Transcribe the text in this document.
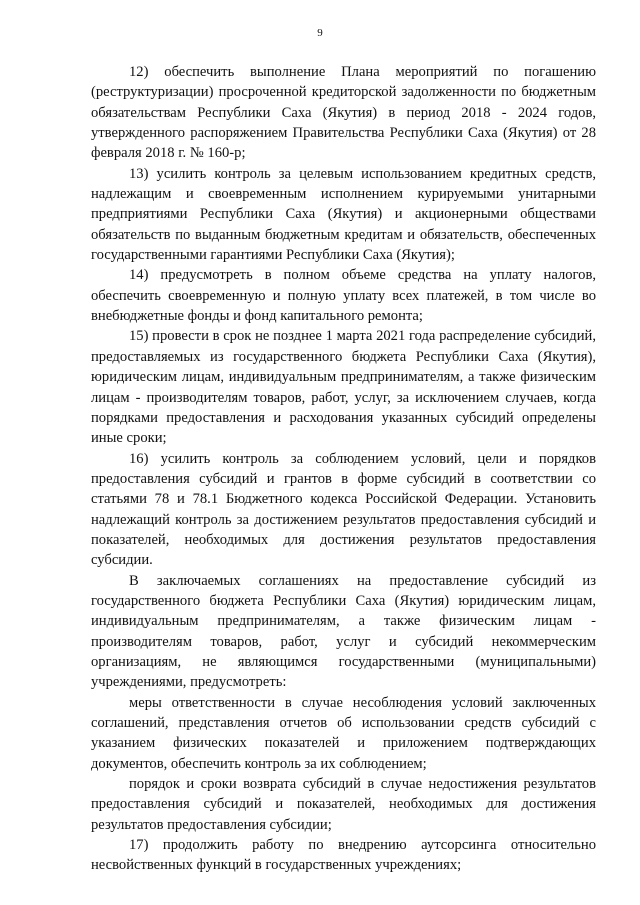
9

12) обеспечить выполнение Плана мероприятий по погашению (реструктуризации) просроченной кредиторской задолженности по бюджетным обязательствам Республики Саха (Якутия) в период 2018 - 2024 годов, утвержденного распоряжением Правительства Республики Саха (Якутия) от 28 февраля 2018 г. № 160-р;

13) усилить контроль за целевым использованием кредитных средств, надлежащим и своевременным исполнением курируемыми унитарными предприятиями Республики Саха (Якутия) и акционерными обществами обязательств по выданным бюджетным кредитам и обязательств, обеспеченных государственными гарантиями Республики Саха (Якутия);

14) предусмотреть в полном объеме средства на уплату налогов, обеспечить своевременную и полную уплату всех платежей, в том числе во внебюджетные фонды и фонд капитального ремонта;

15) провести в срок не позднее 1 марта 2021 года распределение субсидий, предоставляемых из государственного бюджета Республики Саха (Якутия), юридическим лицам, индивидуальным предпринимателям, а также физическим лицам - производителям товаров, работ, услуг, за исключением случаев, когда порядками предоставления и расходования указанных субсидий определены иные сроки;

16) усилить контроль за соблюдением условий, цели и порядков предоставления субсидий и грантов в форме субсидий в соответствии со статьями 78 и 78.1 Бюджетного кодекса Российской Федерации. Установить надлежащий контроль за достижением результатов предоставления субсидий и показателей, необходимых для достижения результатов предоставления субсидии.

В заключаемых соглашениях на предоставление субсидий из государственного бюджета Республики Саха (Якутия) юридическим лицам, индивидуальным предпринимателям, а также физическим лицам - производителям товаров, работ, услуг и субсидий некоммерческим организациям, не являющимся государственными (муниципальными) учреждениями, предусмотреть:

меры ответственности в случае несоблюдения условий заключенных соглашений, представления отчетов об использовании средств субсидий с указанием физических показателей и приложением подтверждающих документов, обеспечить контроль за их соблюдением;

порядок и сроки возврата субсидий в случае недостижения результатов предоставления субсидий и показателей, необходимых для достижения результатов предоставления субсидии;

17) продолжить работу по внедрению аутсорсинга относительно несвойственных функций в государственных учреждениях;
